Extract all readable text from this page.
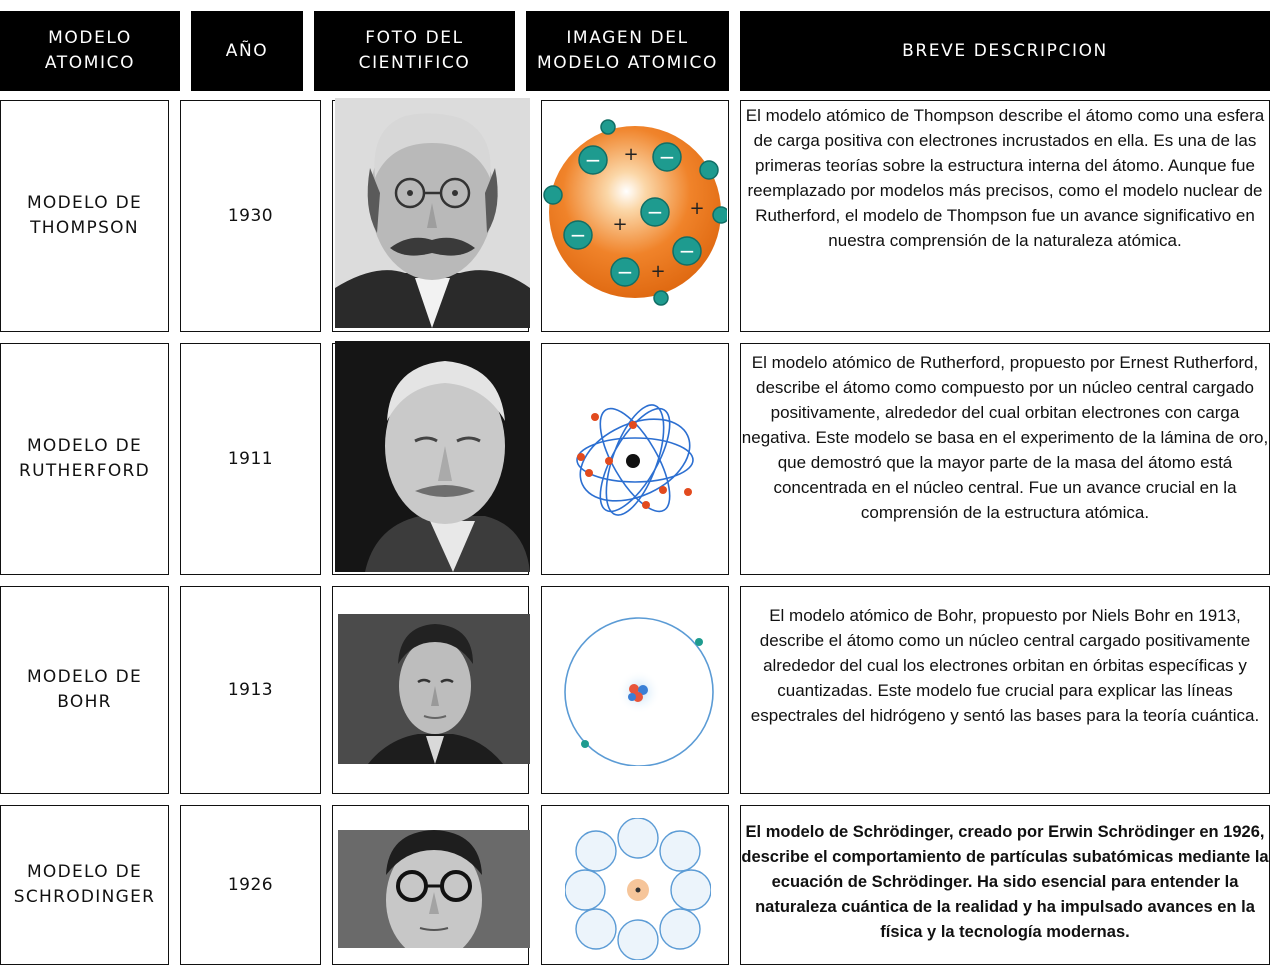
MODELO ATOMICO
AÑO
FOTO DEL
CIENTIFICO
IMAGEN DEL
MODELO ATOMICO
BREVE DESCRIPCION
MODELO DE
THOMPSON
1930
−	−
−
−
−
−
+
+
+
+
El modelo atómico de Thompson describe el átomo como una esfera de carga positiva con electrones incrustados en ella. Es una de las primeras teorías sobre la estructura interna del átomo. Aunque fue reemplazado por modelos más precisos, como el modelo nuclear de Rutherford, el modelo de Thompson fue un avance significativo en nuestra comprensión de la naturaleza atómica.
MODELO DE
RUTHERFORD
1911
El modelo atómico de Rutherford, propuesto por Ernest Rutherford, describe el átomo como compuesto por un núcleo central cargado positivamente, alrededor del cual orbitan electrones con carga negativa. Este modelo se basa en el experimento de la lámina de oro, que demostró que la mayor parte de la masa del átomo está concentrada en el núcleo central. Fue un avance crucial en la comprensión de la estructura atómica.
MODELO DE
BOHR
1913
El modelo atómico de Bohr, propuesto por Niels Bohr en 1913, describe el átomo como un núcleo central cargado positivamente alrededor del cual los electrones orbitan en órbitas específicas y cuantizadas. Este modelo fue crucial para explicar las líneas espectrales del hidrógeno y sentó las bases para la teoría cuántica.
MODELO DE
SCHRODINGER
1926
El modelo de Schrödinger, creado por Erwin Schrödinger en 1926, describe el comportamiento de partículas subatómicas mediante la ecuación de Schrödinger. Ha sido esencial para entender la naturaleza cuántica de la realidad y ha impulsado avances en la física y la tecnología modernas.
